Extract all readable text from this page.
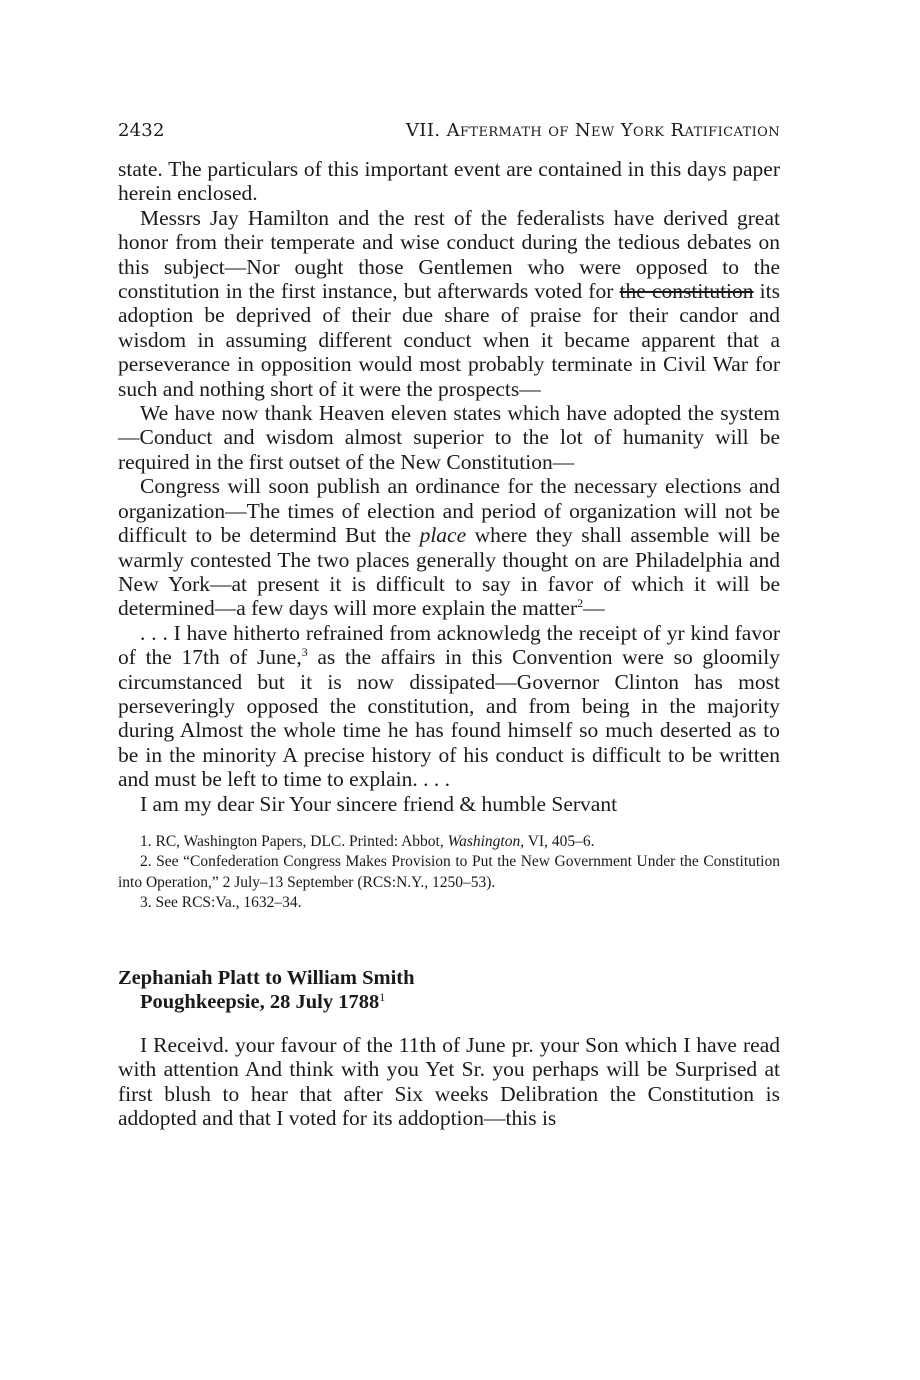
2432	VII. Aftermath of New York Ratification

state. The particulars of this important event are contained in this days paper herein enclosed.

Messrs Jay Hamilton and the rest of the federalists have derived great honor from their temperate and wise conduct during the tedious debates on this subject—Nor ought those Gentlemen who were opposed to the constitution in the first instance, but afterwards voted for the constitution its adoption be deprived of their due share of praise for their candor and wisdom in assuming different conduct when it became apparent that a perseverance in opposition would most probably terminate in Civil War for such and nothing short of it were the prospects—

We have now thank Heaven eleven states which have adopted the system—Conduct and wisdom almost superior to the lot of humanity will be required in the first outset of the New Constitution—

Congress will soon publish an ordinance for the necessary elections and organization—The times of election and period of organization will not be difficult to be determind But the place where they shall assemble will be warmly contested The two places generally thought on are Philadelphia and New York—at present it is difficult to say in favor of which it will be determined—a few days will more explain the matter$^2$—

. . . I have hitherto refrained from acknowledg the receipt of yr kind favor of the 17th of June,$^3$ as the affairs in this Convention were so gloomily circumstanced but it is now dissipated—Governor Clinton has most perseveringly opposed the constitution, and from being in the majority during Almost the whole time he has found himself so much deserted as to be in the minority A precise history of his conduct is difficult to be written and must be left to time to explain. . . .

I am my dear Sir Your sincere friend & humble Servant

1. RC, Washington Papers, DLC. Printed: Abbot, Washington, VI, 405–6.

2. See “Confederation Congress Makes Provision to Put the New Government Under the Constitution into Operation,” 2 July–13 September (RCS:N.Y., 1250–53).

3. See RCS:Va., 1632–34.

Zephaniah Platt to William Smith
Poughkeepsie, 28 July 1788$^1$

I Receivd. your favour of the 11th of June pr. your Son which I have read with attention And think with you Yet Sr. you perhaps will be Surprised at first blush to hear that after Six weeks Delibration the Constitution is addopted and that I voted for its addoption—this is
